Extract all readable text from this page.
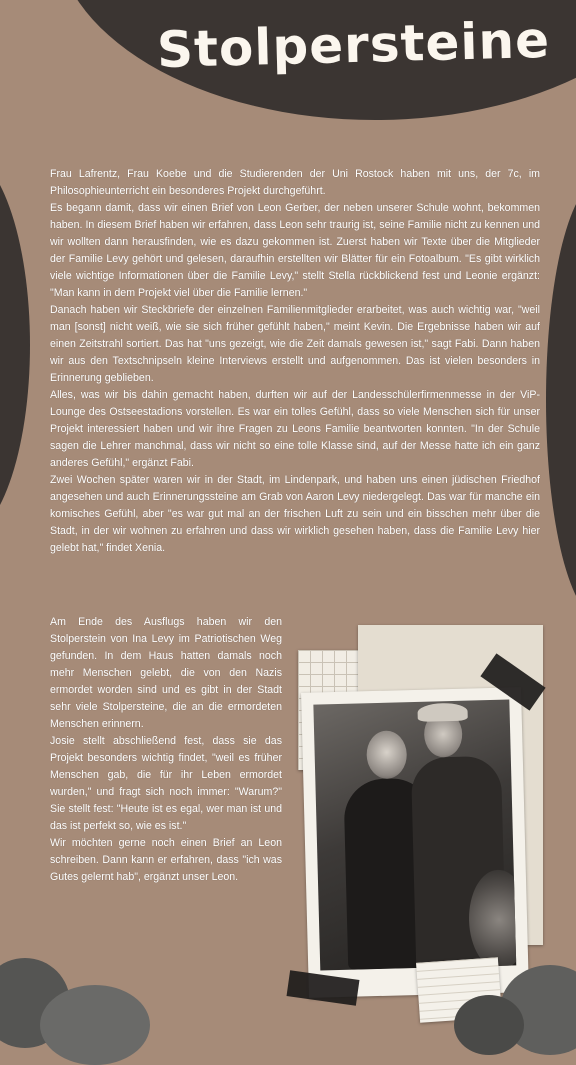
Stolpersteine

Frau Lafrentz, Frau Koebe und die Studierenden der Uni Rostock haben mit uns, der 7c, im Philosophieunterricht ein besonderes Projekt durchgeführt.

Es begann damit, dass wir einen Brief von Leon Gerber, der neben unserer Schule wohnt, bekommen haben. In diesem Brief haben wir erfahren, dass Leon sehr traurig ist, seine Familie nicht zu kennen und wir wollten dann herausfinden, wie es dazu gekommen ist. Zuerst haben wir Texte über die Mitglieder der Familie Levy gehört und gelesen, daraufhin erstellten wir Blätter für ein Fotoalbum. "Es gibt wirklich viele wichtige Informationen über die Familie Levy," stellt Stella rückblickend fest und Leonie ergänzt: "Man kann in dem Projekt viel über die Familie lernen."

Danach haben wir Steckbriefe der einzelnen Familienmitglieder erarbeitet, was auch wichtig war, "weil man [sonst] nicht weiß, wie sie sich früher gefühlt haben," meint Kevin. Die Ergebnisse haben wir auf einen Zeitstrahl sortiert. Das hat "uns gezeigt, wie die Zeit damals gewesen ist," sagt Fabi. Dann haben wir aus den Textschnipseln kleine Interviews erstellt und aufgenommen. Das ist vielen besonders in Erinnerung geblieben.

Alles, was wir bis dahin gemacht haben, durften wir auf der Landesschülerfirmenmesse in der ViP-Lounge des Ostseestadions vorstellen. Es war ein tolles Gefühl, dass so viele Menschen sich für unser Projekt interessiert haben und wir ihre Fragen zu Leons Familie beantworten konnten. "In der Schule sagen die Lehrer manchmal, dass wir nicht so eine tolle Klasse sind, auf der Messe hatte ich ein ganz anderes Gefühl," ergänzt Fabi.

Zwei Wochen später waren wir in der Stadt, im Lindenpark, und haben uns einen jüdischen Friedhof angesehen und auch Erinnerungssteine am Grab von Aaron Levy niedergelegt. Das war für manche ein komisches Gefühl, aber "es war gut mal an der frischen Luft zu sein und ein bisschen mehr über die Stadt, in der wir wohnen zu erfahren und dass wir wirklich gesehen haben, dass die Familie Levy hier gelebt hat," findet Xenia.

Am Ende des Ausflugs haben wir den Stolperstein von Ina Levy im Patriotischen Weg gefunden. In dem Haus hatten damals noch mehr Menschen gelebt, die von den Nazis ermordet worden sind und es gibt in der Stadt sehr viele Stolpersteine, die an die ermordeten Menschen erinnern.

Josie stellt abschließend fest, dass sie das Projekt besonders wichtig findet, "weil es früher Menschen gab, die für ihr Leben ermordet wurden," und fragt sich noch immer: "Warum?" Sie stellt fest: "Heute ist es egal, wer man ist und das ist perfekt so, wie es ist."

Wir möchten gerne noch einen Brief an Leon schreiben. Dann kann er erfahren, dass "ich was Gutes gelernt hab", ergänzt unser Leon.
